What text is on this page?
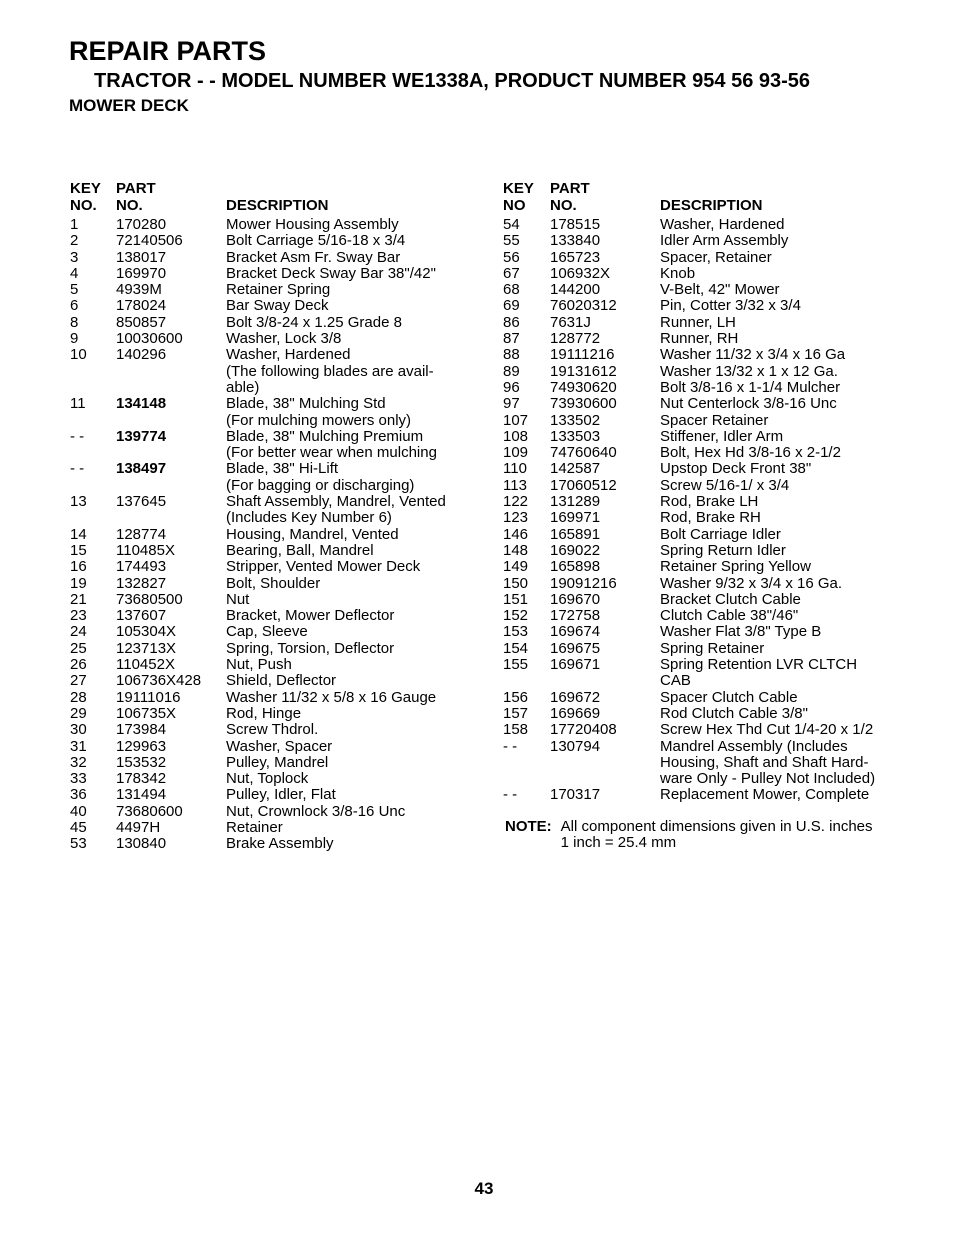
REPAIR PARTS
TRACTOR - - MODEL NUMBER WE1338A, PRODUCT NUMBER 954 56 93-56
MOWER DECK
KEY
NO.	PART
NO.	DESCRIPTION
1	170280	Mower Housing Assembly
2	72140506	Bolt Carriage 5/16-18 x 3/4
3	138017	Bracket Asm Fr. Sway Bar
4	169970	Bracket Deck Sway Bar 38"/42"
5	4939M	Retainer Spring
6	178024	Bar Sway Deck
8	850857	Bolt 3/8-24 x 1.25 Grade 8
9	10030600	Washer, Lock 3/8
10	140296	Washer, Hardened
		(The following blades are avail-
		able)
11	134148	Blade, 38" Mulching Std
		(For mulching mowers only)
- -	139774	Blade, 38" Mulching Premium
		(For better wear when mulching
- -	138497	Blade, 38" Hi-Lift
		(For bagging or discharging)
13	137645	Shaft Assembly, Mandrel, Vented
		(Includes Key Number 6)
14	128774	Housing, Mandrel, Vented
15	110485X	Bearing, Ball, Mandrel
16	174493	Stripper, Vented Mower Deck
19	132827	Bolt, Shoulder
21	73680500	Nut
23	137607	Bracket, Mower Deflector
24	105304X	Cap, Sleeve
25	123713X	Spring, Torsion, Deflector
26	110452X	Nut, Push
27	106736X428	Shield, Deflector
28	19111016	Washer 11/32 x 5/8 x 16 Gauge
29	106735X	Rod, Hinge
30	173984	Screw Thdrol.
31	129963	Washer, Spacer
32	153532	Pulley, Mandrel
33	178342	Nut, Toplock
36	131494	Pulley, Idler, Flat
40	73680600	Nut, Crownlock 3/8-16 Unc
45	4497H	Retainer
53	130840	Brake Assembly
KEY
NO	PART
NO.	DESCRIPTION
54	178515	Washer, Hardened
55	133840	Idler Arm Assembly
56	165723	Spacer, Retainer
67	106932X	Knob
68	144200	V-Belt, 42" Mower
69	76020312	Pin, Cotter 3/32 x 3/4
86	7631J	Runner, LH
87	128772	Runner, RH
88	19111216	Washer 11/32 x 3/4 x 16 Ga
89	19131612	Washer 13/32 x 1 x 12 Ga.
96	74930620	Bolt 3/8-16 x 1-1/4 Mulcher
97	73930600	Nut Centerlock 3/8-16 Unc
107	133502	Spacer Retainer
108	133503	Stiffener, Idler Arm
109	74760640	Bolt, Hex Hd 3/8-16 x 2-1/2
110	142587	Upstop Deck Front 38"
113	17060512	Screw 5/16-1/ x 3/4
122	131289	Rod, Brake LH
123	169971	Rod, Brake RH
146	165891	Bolt Carriage Idler
148	169022	Spring Return Idler
149	165898	Retainer Spring Yellow
150	19091216	Washer 9/32 x 3/4 x 16 Ga.
151	169670	Bracket Clutch Cable
152	172758	Clutch Cable 38"/46"
153	169674	Washer Flat 3/8" Type B
154	169675	Spring Retainer
155	169671	Spring Retention LVR CLTCH
		CAB
156	169672	Spacer Clutch Cable
157	169669	Rod Clutch Cable 3/8"
158	17720408	Screw Hex Thd Cut 1/4-20 x 1/2
- -	130794	Mandrel Assembly (Includes
		Housing, Shaft and Shaft Hard-
		ware Only - Pulley Not Included)
- -	170317	Replacement Mower, Complete
NOTE: All component dimensions given in U.S. inches
1 inch = 25.4 mm
43
